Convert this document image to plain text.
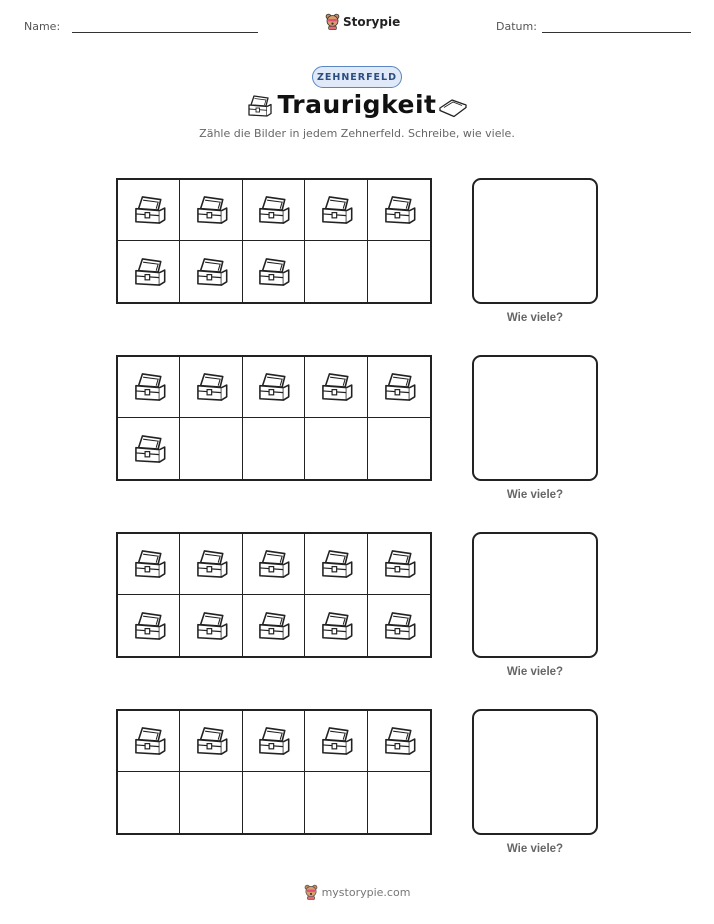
Name:	Storypie	Datum:
ZEHNERFELD
Traurigkeit
Zähle die Bilder in jedem Zehnerfeld. Schreibe, wie viele.
Wie viele?
Wie viele?
Wie viele?
Wie viele?
mystorypie.com
